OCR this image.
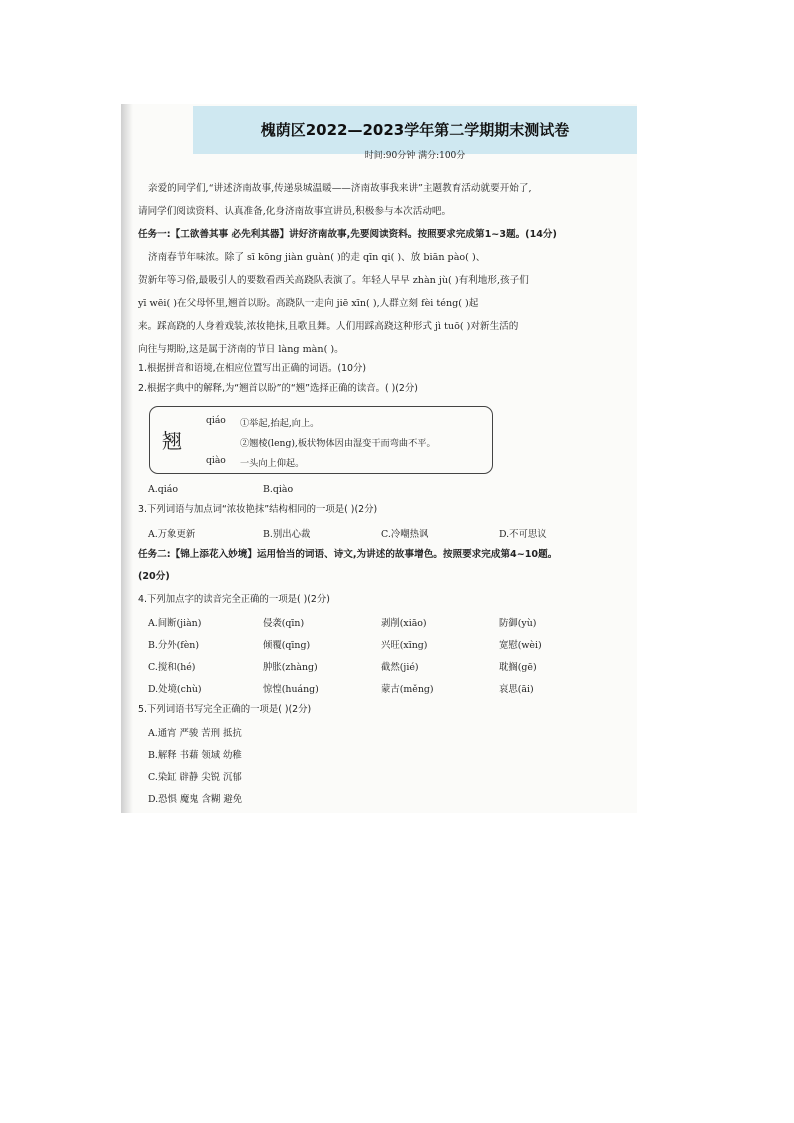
槐荫区2022—2023学年第二学期期末测试卷
时间:90分钟 满分:100分
亲爱的同学们,“讲述济南故事,传递泉城温暖——济南故事我来讲”主题教育活动就要开始了,
请同学们阅读资料、认真准备,化身济南故事宣讲员,积极参与本次活动吧。
任务一:【工欲善其事 必先利其器】讲好济南故事,先要阅读资料。按照要求完成第1~3题。(14分)
济南春节年味浓。除了 sī kōng jiàn guàn( )的走 qīn qi( )、放 biān pào( )、
贺新年等习俗,最吸引人的要数看西关高跷队表演了。年轻人早早 zhàn jù( )有利地形,孩子们
yī wēi( )在父母怀里,翘首以盼。高跷队一走向 jiē xīn( ),人群立刻 fèi téng( )起
来。踩高跷的人身着戏装,浓妆艳抹,且歌且舞。人们用踩高跷这种形式 jì tuō( )对新生活的
向往与期盼,这是属于济南的节日 làng màn( )。
1.根据拼音和语境,在相应位置写出正确的词语。(10分)
2.根据字典中的解释,为“翘首以盼”的“翘”选择正确的读音。( )(2分)
翘
qiáo ①举起,抬起,向上。
②翘棱(leng),板状物体因由湿变干而弯曲不平。
qiào 一头向上仰起。
A.qiáo	B.qiào
3.下列词语与加点词“浓妆艳抹”结构相同的一项是( )(2分)
A.万象更新	B.别出心裁	C.冷嘲热讽	D.不可思议
任务二:【锦上添花入妙境】运用恰当的词语、诗文,为讲述的故事增色。按照要求完成第4~10题。
(20分)
4.下列加点字的读音完全正确的一项是( )(2分)
A.间断(jiàn)	侵袭(qīn)	剥削(xiāo)	防御(yù)
B.分外(fèn)	倾覆(qīng)	兴旺(xīng)	宽慰(wèi)
C.搅和(hé)	肿胀(zhàng)	截然(jié)	耽搁(gē)
D.处境(chù)	惊惶(huáng)	蒙古(měng)	哀思(āi)
5.下列词语书写完全正确的一项是( )(2分)
A.通宵 严骏 苦刑 抵抗
B.解释 书藉 领域 幼稚
C.染缸 辟静 尖锐 沉郁
D.恐惧 魔鬼 含糊 避免
